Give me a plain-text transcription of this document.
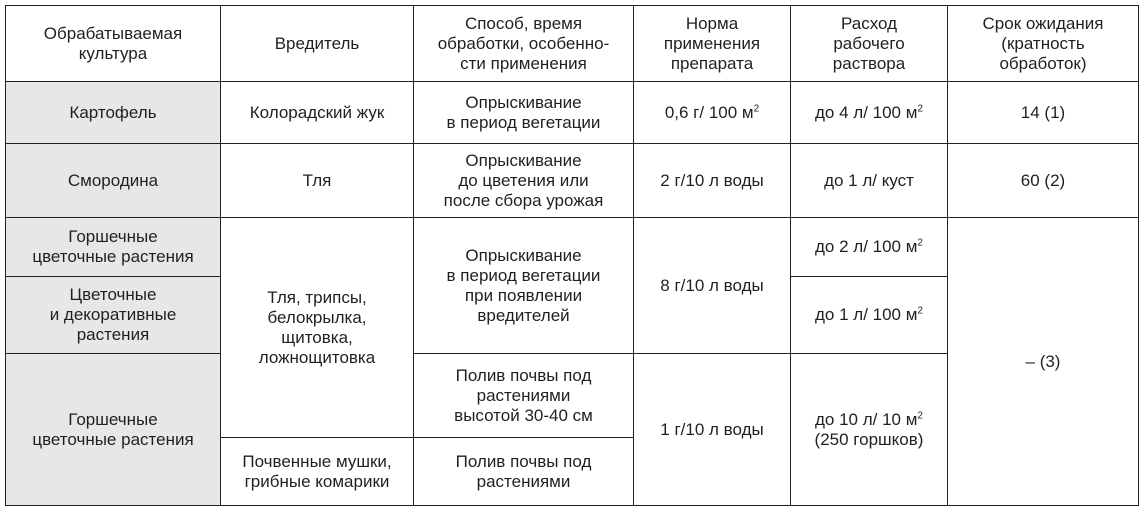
Обрабатываемая
культура	Вредитель	Способ, время
обработки, особенно-
сти применения	Норма
применения
препарата	Расход
рабочего
раствора	Срок ожидания
(кратность
обработок)

Картофель	Колорадский жук	Опрыскивание
в период вегетации	0,6 г/ 100 $м^2$	до 4 л/ 100 $м^2$	14 (1)
Смородина	Тля	Опрыскивание
до цветения или
после сбора урожая	2 г/10 л воды	до 1 л/ куст	60 (2)

Горшечные
цветочные растения	Тля, трипсы,
белокрылка,
щитовка,
ложнощитовка	Опрыскивание
в период вегетации
при появлении
вредителей	8 г/10 л воды	до 2 л/ 100 $м^2$	– (3)

Цветочные
и декоративные
растения				до 1 л/ 100 $м^2$

Горшечные
цветочные растения		Полив почвы под
растениями
высотой 30-40 см	1 г/10 л воды	до 10 л/ 10 $м^2$
(250 горшков)	

	Почвенные мушки,
грибные комарики	Полив почвы под
растениями			
